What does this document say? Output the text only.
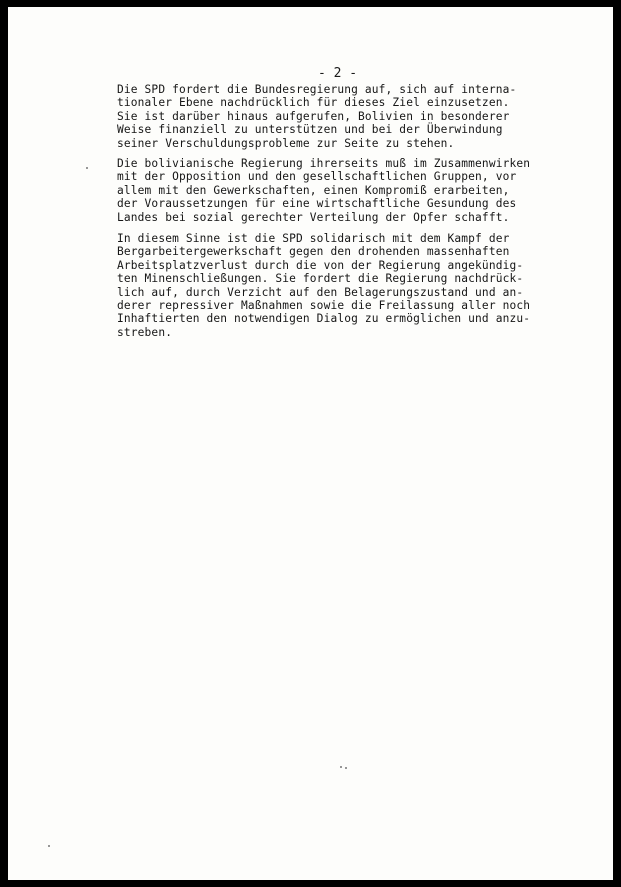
- 2 -

Die SPD fordert die Bundesregierung auf, sich auf interna-
tionaler Ebene nachdrücklich für dieses Ziel einzusetzen.
Sie ist darüber hinaus aufgerufen, Bolivien in besonderer
Weise finanziell zu unterstützen und bei der Überwindung
seiner Verschuldungsprobleme zur Seite zu stehen.

Die bolivianische Regierung ihrerseits muß im Zusammenwirken
mit der Opposition und den gesellschaftlichen Gruppen, vor
allem mit den Gewerkschaften, einen Kompromiß erarbeiten,
der Voraussetzungen für eine wirtschaftliche Gesundung des
Landes bei sozial gerechter Verteilung der Opfer schafft.

In diesem Sinne ist die SPD solidarisch mit dem Kampf der
Bergarbeitergewerkschaft gegen den drohenden massenhaften
Arbeitsplatzverlust durch die von der Regierung angekündig-
ten Minenschließungen. Sie fordert die Regierung nachdrück-
lich auf, durch Verzicht auf den Belagerungszustand und an-
derer repressiver Maßnahmen sowie die Freilassung aller noch
Inhaftierten den notwendigen Dialog zu ermöglichen und anzu-
streben.
